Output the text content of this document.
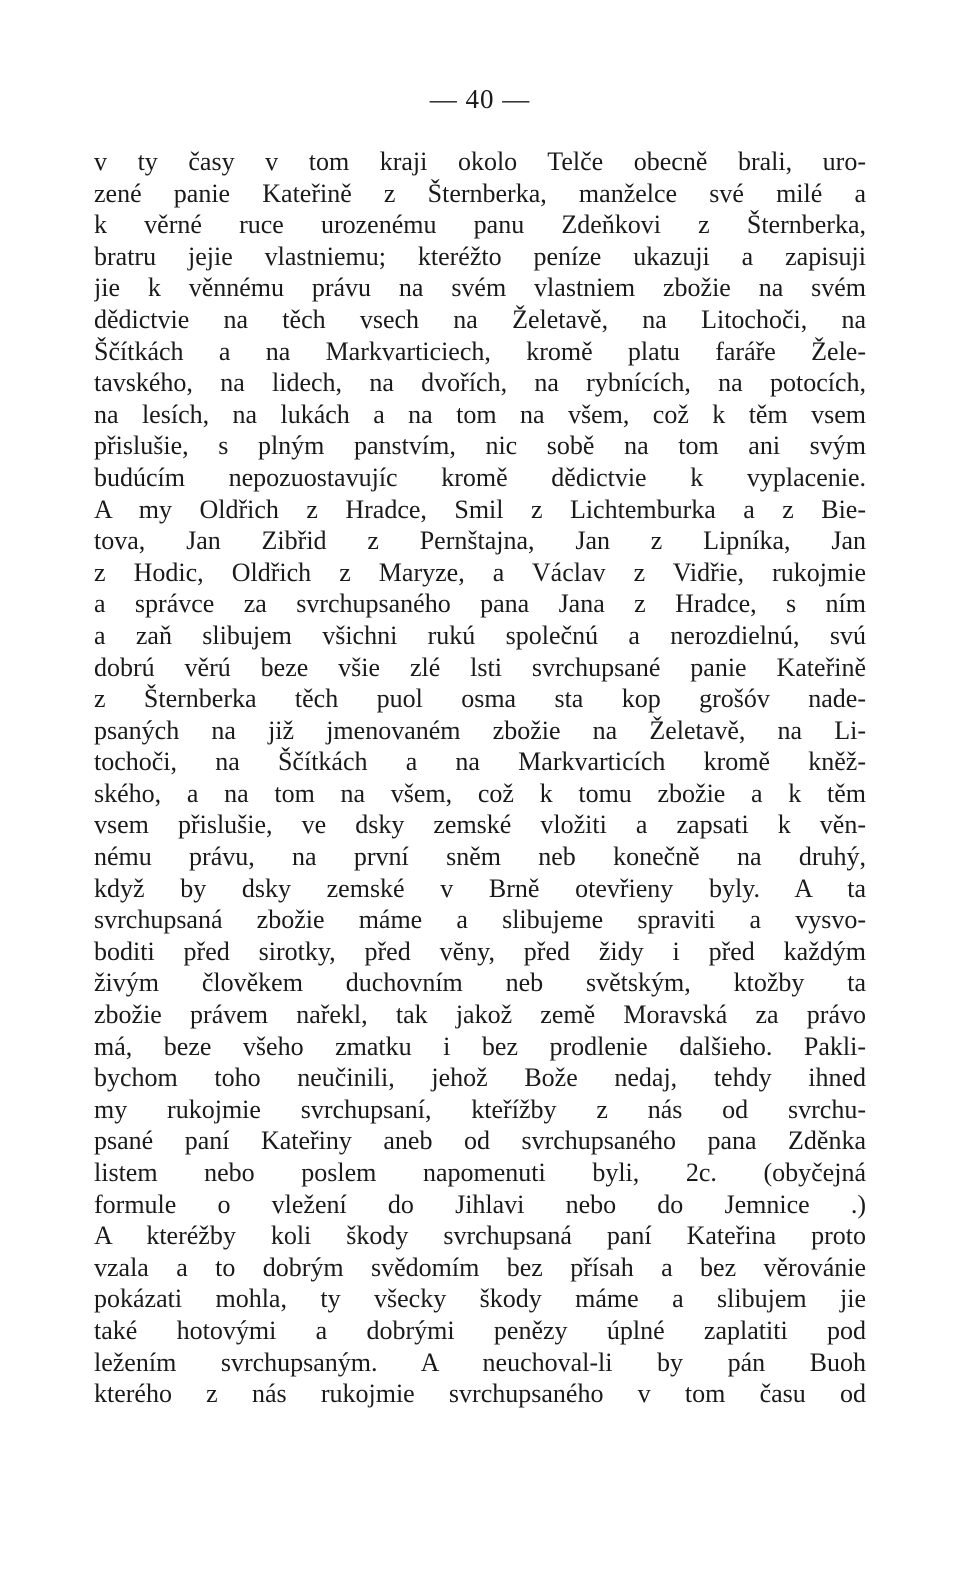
— 40 —
v ty časy v tom kraji okolo Telče obecně brali, uro-
zené panie Kateřině z Šternberka, manželce své milé a
k věrné ruce urozenému panu Zdeňkovi z Šternberka,
bratru jejie vlastniemu; kteréžto peníze ukazuji a zapisuji
jie k věnnému právu na svém vlastniem zbožie na svém
dědictvie na těch vsech na Želetavě, na Litochoči, na
Ščítkách a na Markvarticiech, kromě platu faráře Žele-
tavského, na lidech, na dvořích, na rybnících, na potocích,
na lesích, na lukách a na tom na všem, což k těm vsem
přislušie, s plným panstvím, nic sobě na tom ani svým
budúcím nepozuostavujíc kromě dědictvie k vyplacenie.
A my Oldřich z Hradce, Smil z Lichtemburka a z Bie-
tova, Jan Zibřid z Pernštajna, Jan z Lipníka, Jan
z Hodic, Oldřich z Maryze, a Václav z Vidřie, rukojmie
a správce za svrchupsaného pana Jana z Hradce, s ním
a zaň slibujem všichni rukú společnú a nerozdielnú, svú
dobrú věrú beze všie zlé lsti svrchupsané panie Kateřině
z Šternberka těch puol osma sta kop grošóv nade-
psaných na již jmenovaném zbožie na Želetavě, na Li-
tochoči, na Ščítkách a na Markvarticích kromě kněž-
ského, a na tom na všem, což k tomu zbožie a k těm
vsem přislušie, ve dsky zemské vložiti a zapsati k věn-
nému právu, na první sněm neb konečně na druhý,
když by dsky zemské v Brně otevřieny byly. A ta
svrchupsaná zbožie máme a slibujeme spraviti a vysvo-
boditi před sirotky, před vĕny, před židy i před každým
živým člověkem duchovním neb světským, ktožby ta
zbožie právem nařekl, tak jakož země Moravská za právo
má, beze všeho zmatku i bez prodlenie dalšieho. Pakli-
bychom toho neučinili, jehož Bože nedaj, tehdy ihned
my rukojmie svrchupsaní, kteřížby z nás od svrchu-
psané paní Kateřiny aneb od svrchupsaného pana Zděnka
listem nebo poslem napomenuti byli, 2c. (obyčejná
formule o vležení do Jihlavi nebo do Jemnice .)
A kteréžby koli škody svrchupsaná paní Kateřina proto
vzala a to dobrým svědomím bez přísah a bez věrovánie
pokázati mohla, ty všecky škody máme a slibujem jie
také hotovými a dobrými penězy úplné zaplatiti pod
ležením svrchupsaným. A neuchoval-li by pán Buoh
kterého z nás rukojmie svrchupsaného v tom času od
